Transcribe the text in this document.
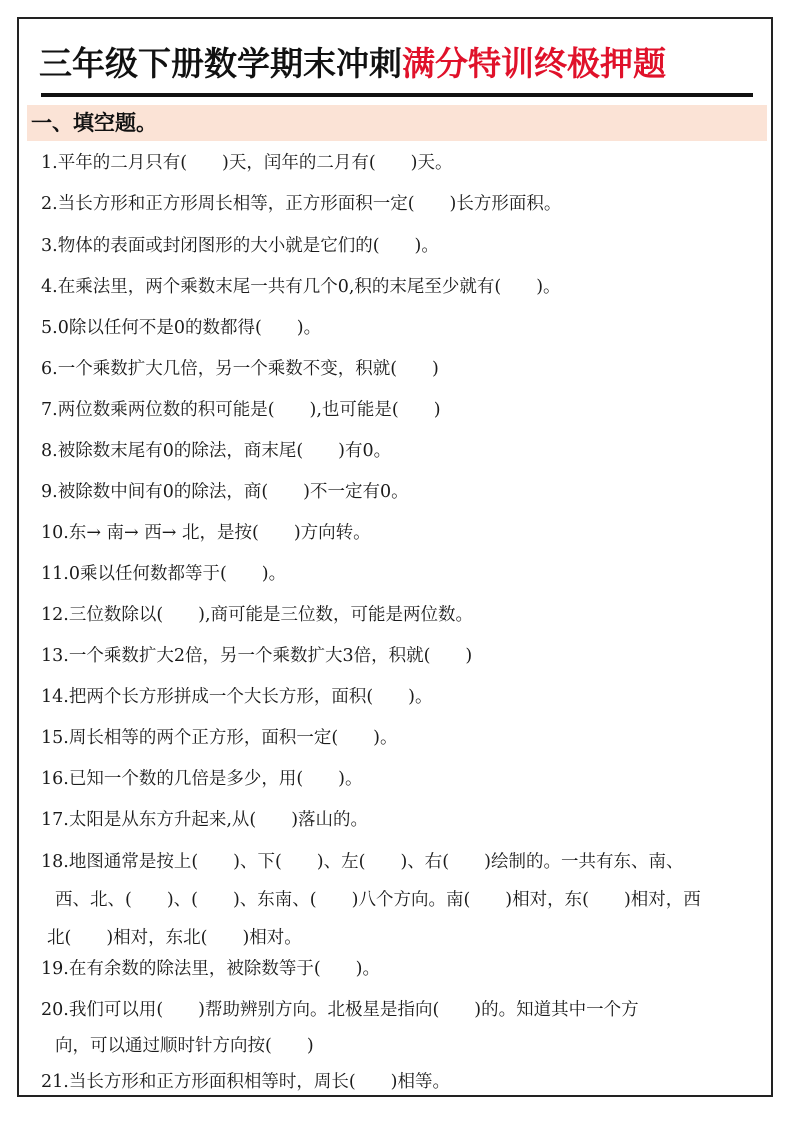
三年级下册数学期末冲刺满分特训终极押题
一、填空题。
1.平年的二月只有(　　)天，闰年的二月有(　　)天。
2.当长方形和正方形周长相等，正方形面积一定(　　)长方形面积。
3.物体的表面或封闭图形的大小就是它们的(　　)。
4.在乘法里，两个乘数末尾一共有几个0,积的末尾至少就有(　　)。
5.0除以任何不是0的数都得(　　)。
6.一个乘数扩大几倍，另一个乘数不变，积就(　　)
7.两位数乘两位数的积可能是(　　),也可能是(　　)
8.被除数末尾有0的除法，商末尾(　　)有0。
9.被除数中间有0的除法，商(　　)不一定有0。
10.东→ 南→ 西→ 北，是按(　　)方向转。
11.0乘以任何数都等于(　　)。
12.三位数除以(　　),商可能是三位数，可能是两位数。
13.一个乘数扩大2倍，另一个乘数扩大3倍，积就(　　)
14.把两个长方形拼成一个大长方形，面积(　　)。
15.周长相等的两个正方形，面积一定(　　)。
16.已知一个数的几倍是多少，用(　　)。
17.太阳是从东方升起来,从(　　)落山的。
18.地图通常是按上(　　)、下(　　)、左(　　)、右(　　)绘制的。一共有东、南、
西、北、(　　)、(　　)、东南、(　　)八个方向。南(　　)相对，东(　　)相对，西
北(　　)相对，东北(　　)相对。
19.在有余数的除法里，被除数等于(　　)。
20.我们可以用(　　)帮助辨别方向。北极星是指向(　　)的。知道其中一个方
向，可以通过顺时针方向按(　　)
21.当长方形和正方形面积相等时，周长(　　)相等。
